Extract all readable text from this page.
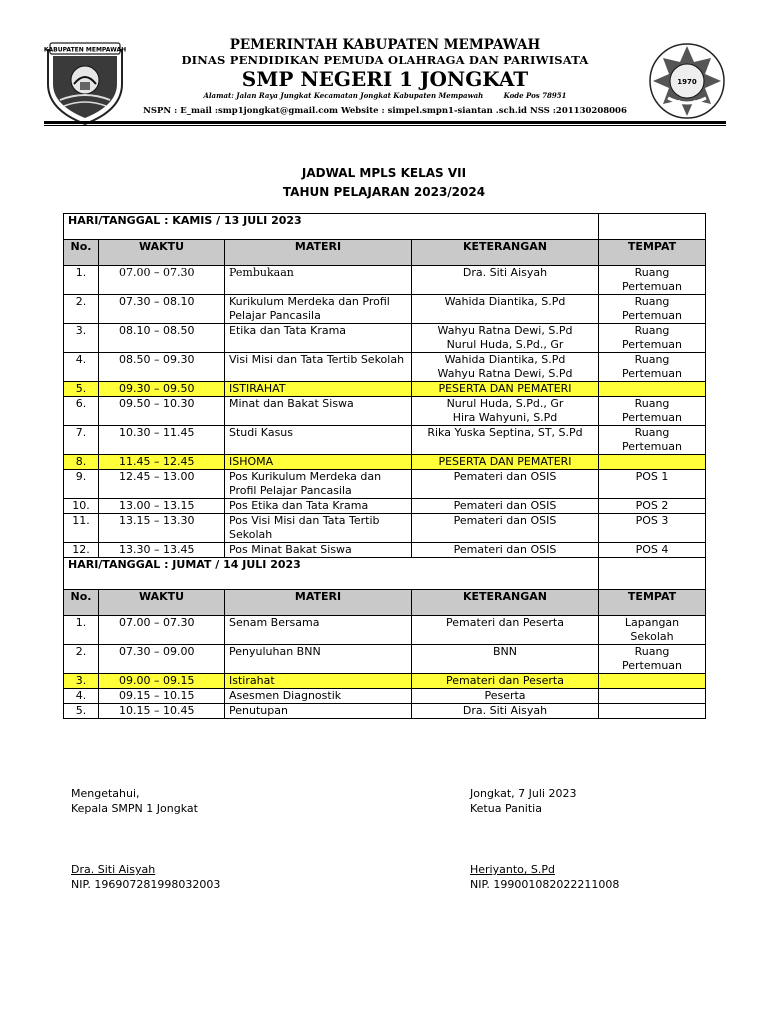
KABUPATEN MEMPAWAH	PEMERINTAH KABUPATEN MEMPAWAH
DINAS PENDIDIKAN PEMUDA OLAHRAGA DAN PARIWISATA
SMP NEGERI 1 JONGKAT
Alamat: Jalan Raya Jungkat Kecamatan Jongkat Kabupaten Mempawah	Kode Pos 78951
1970
NSPN : E_mail :smp1jongkat@gmail.com Website : simpel.smpn1-siantan .sch.id NSS :201130208006
JADWAL MPLS KELAS VII
TAHUN PELAJARAN 2023/2024
HARI/TANGGAL : KAMIS / 13 JULI 2023				
No.	WAKTU	MATERI	KETERANGAN	TEMPAT
1.	07.00 – 07.30	Pembukaan	Dra. Siti Aisyah	Ruang Pertemuan
2.	07.30 – 08.10	Kurikulum Merdeka dan Profil Pelajar Pancasila	Wahida Diantika, S.Pd	Ruang Pertemuan
3.	08.10 – 08.50	Etika dan Tata Krama	Wahyu Ratna Dewi, S.Pd
Nurul Huda, S.Pd., Gr	Ruang Pertemuan
4.	08.50 – 09.30	Visi Misi dan Tata Tertib Sekolah	Wahida Diantika, S.Pd
Wahyu Ratna Dewi, S.Pd	Ruang Pertemuan
5.	09.30 – 09.50	ISTIRAHAT	PESERTA DAN PEMATERI	
6.	09.50 – 10.30	Minat dan Bakat Siswa	Nurul Huda, S.Pd., Gr
Hira Wahyuni, S.Pd	Ruang Pertemuan
7.	10.30 – 11.45	Studi Kasus	Rika Yuska Septina, ST, S.Pd	Ruang Pertemuan
8.	11.45 – 12.45	ISHOMA	PESERTA DAN PEMATERI	
9.	12.45 – 13.00	Pos Kurikulum Merdeka dan Profil Pelajar Pancasila	Pemateri dan OSIS	POS 1
10.	13.00 – 13.15	Pos Etika dan Tata Krama	Pemateri dan OSIS	POS 2
11.	13.15 – 13.30	Pos Visi Misi dan Tata Tertib Sekolah	Pemateri dan OSIS	POS 3
12.	13.30 – 13.45	Pos Minat Bakat Siswa	Pemateri dan OSIS	POS 4
HARI/TANGGAL : JUMAT / 14 JULI 2023				
No.	WAKTU	MATERI	KETERANGAN	TEMPAT
1.	07.00 – 07.30	Senam Bersama	Pemateri dan Peserta	Lapangan Sekolah
2.	07.30 – 09.00	Penyuluhan BNN	BNN	Ruang Pertemuan
3.	09.00 – 09.15	Istirahat	Pemateri dan Peserta	
4.	09.15 – 10.15	Asesmen Diagnostik	Peserta	
5.	10.15 – 10.45	Penutupan	Dra. Siti Aisyah	
Mengetahui,
Kepala SMPN 1 Jongkat
Dra. Siti Aisyah
NIP. 196907281998032003
Jongkat, 7 Juli 2023
Ketua Panitia
Heriyanto, S.Pd
NIP. 199001082022211008
